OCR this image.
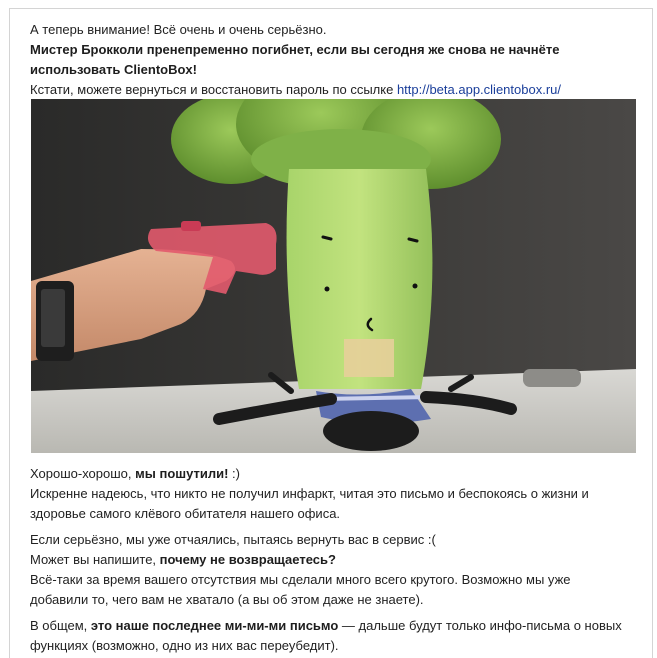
А теперь внимание! Всё очень и очень серьёзно.
Мистер Брокколи пренепременно погибнет, если вы сегодня же снова не начнёте
использовать ClientoBox!
Кстати, можете вернуться и восстановить пароль по ссылке http://beta.app.clientobox.ru/
Хорошо-хорошо, мы пошутили! :)
Искренне надеюсь, что никто не получил инфаркт, читая это письмо и беспокоясь о жизни и
здоровье самого клёвого обитателя нашего офиса.
Если серьёзно, мы уже отчаялись, пытаясь вернуть вас в сервис :(
Может вы напишите, почему не возвращаетесь?
Всё-таки за время вашего отсутствия мы сделали много всего крутого. Возможно мы уже
добавили то, чего вам не хватало (а вы об этом даже не знаете).
В общем, это наше последнее ми-ми-ми письмо — дальше будут только инфо-письма о новых
функциях (возможно, одно из них вас переубедит).
